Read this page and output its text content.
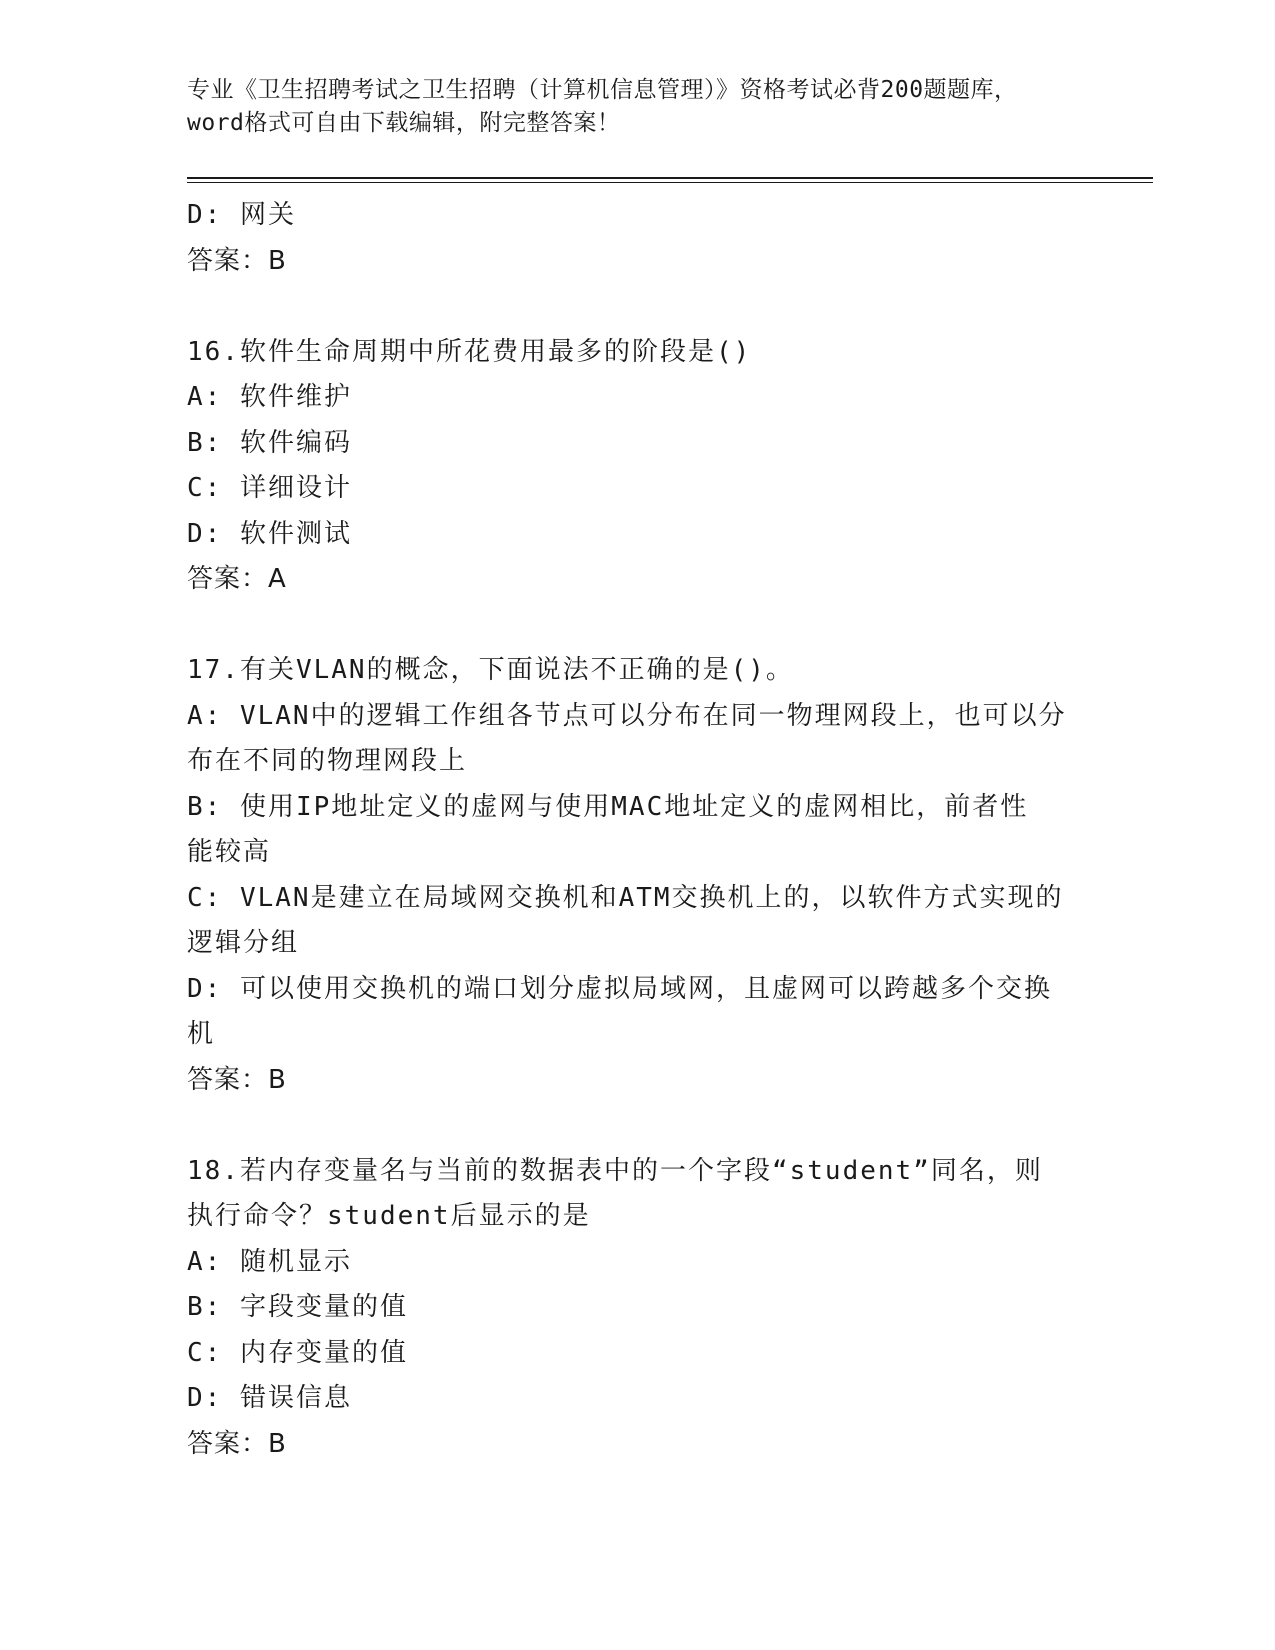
专业《卫生招聘考试之卫生招聘（计算机信息管理）》资格考试必背200题题库，
word格式可自由下载编辑，附完整答案！
D: 网关
答案：B
16.软件生命周期中所花费用最多的阶段是()
A: 软件维护
B: 软件编码
C: 详细设计
D: 软件测试
答案：A
17.有关VLAN的概念，下面说法不正确的是()。
A: VLAN中的逻辑工作组各节点可以分布在同一物理网段上，也可以分
布在不同的物理网段上
B: 使用IP地址定义的虚网与使用MAC地址定义的虚网相比，前者性
能较高
C: VLAN是建立在局域网交换机和ATM交换机上的，以软件方式实现的
逻辑分组
D: 可以使用交换机的端口划分虚拟局域网，且虚网可以跨越多个交换
机
答案：B
18.若内存变量名与当前的数据表中的一个字段“student”同名，则
执行命令？student后显示的是
A: 随机显示
B: 字段变量的值
C: 内存变量的值
D: 错误信息
答案：B
